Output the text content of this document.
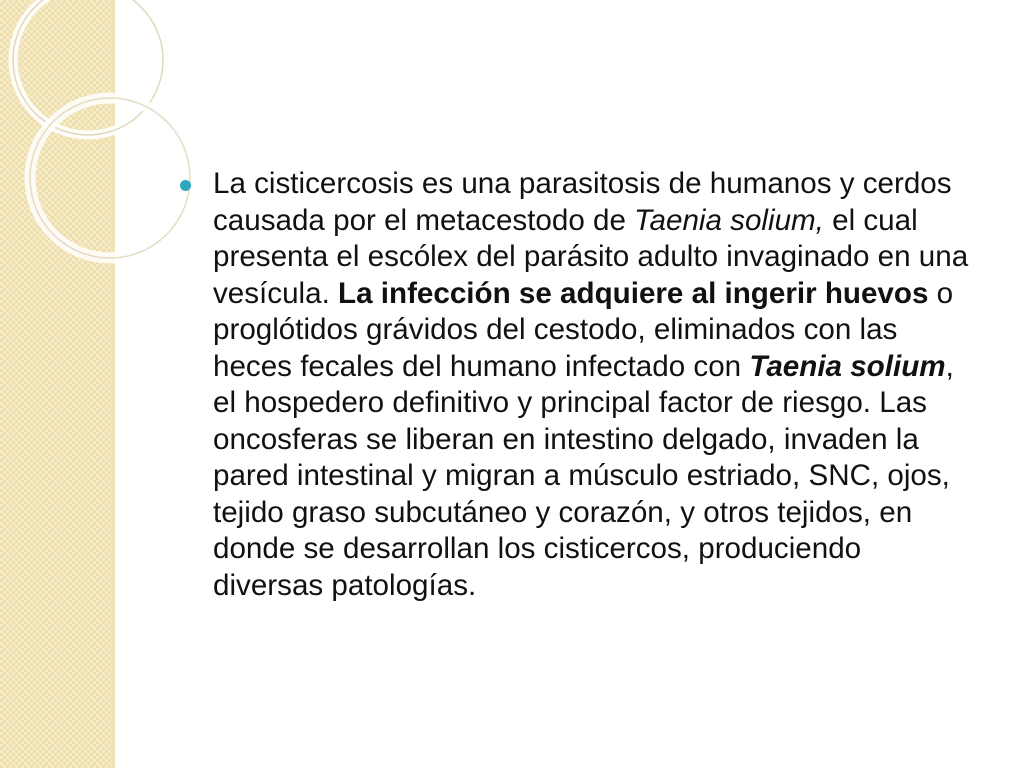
La cisticercosis es una parasitosis de humanos y cerdos causada por el metacestodo de Taenia solium, el cual presenta el escólex del parásito adulto invaginado en una vesícula. La infección se adquiere al ingerir huevos o proglótidos grávidos del cestodo, eliminados con las heces fecales del humano infectado con Taenia solium, el hospedero definitivo y principal factor de riesgo. Las oncosferas se liberan en intestino delgado, invaden la pared intestinal y migran a músculo estriado, SNC, ojos, tejido graso subcutáneo y corazón, y otros tejidos, en donde se desarrollan los cisticercos, produciendo diversas patologías.
